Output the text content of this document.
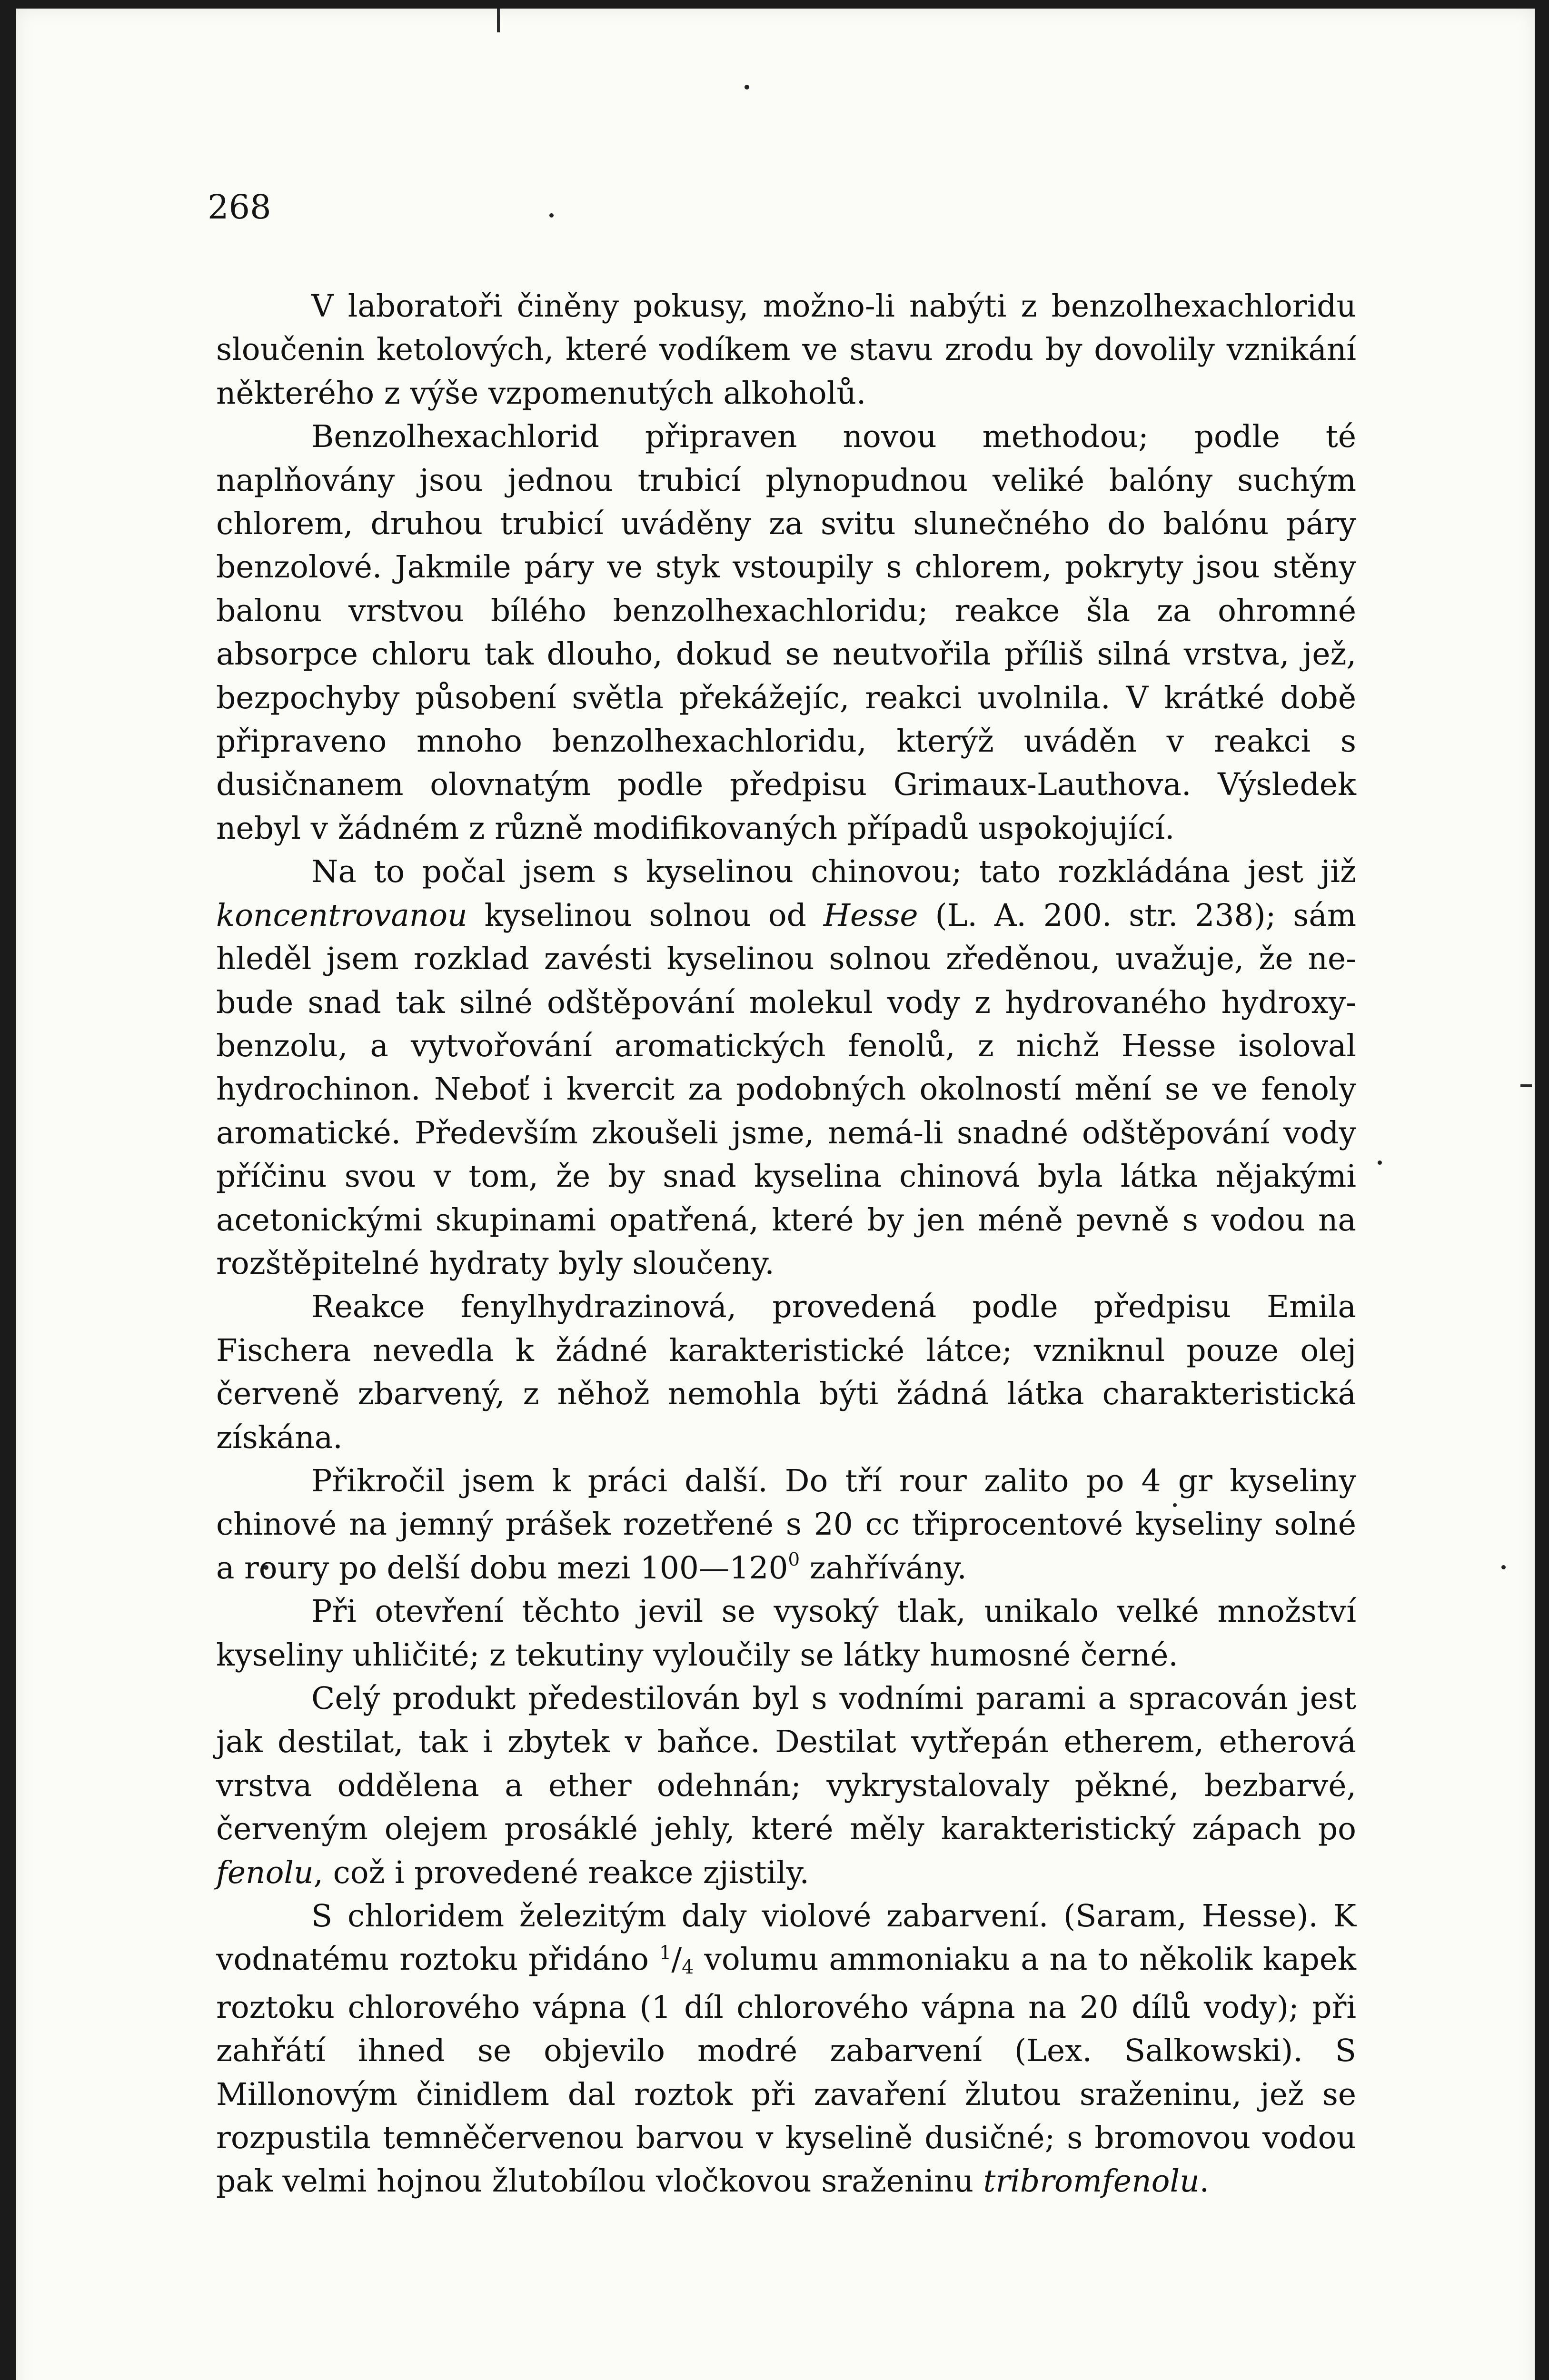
268

V laboratoři činěny pokusy, možno-li nabýti z benzolhexachloridu sloučenin ketolových, které vodíkem ve stavu zrodu by dovolily vznikání některého z výše vzpomenutých alkoholů.

Benzolhexachlorid připraven novou methodou; podle té naplňovány jsou jednou trubicí plynopudnou veliké balóny suchým chlorem, druhou trubicí uváděny za svitu slunečného do balónu páry benzolové. Jakmile páry ve styk vstoupily s chlorem, pokryty jsou stěny balonu vrstvou bílého benzolhexachloridu; reakce šla za ohromné absorpce chloru tak dlouho, dokud se neutvořila příliš silná vrstva, jež, bezpochyby působení světla překážejíc, reakci uvolnila. V krátké době připraveno mnoho benzolhexachloridu, kterýž uváděn v reakci s dusičnanem olovnatým podle předpisu Grimaux-Lauthova. Výsledek nebyl v žádném z různě modifikovaných případů uspokojující.

Na to počal jsem s kyselinou chinovou; tato rozkládána jest již koncentrovanou kyselinou solnou od Hesse (L. A. 200. str. 238); sám hleděl jsem rozklad zavésti kyselinou solnou zředěnou, uvažuje, že nebude snad tak silné odštěpování molekul vody z hydrovaného hydroxybenzolu, a vytvořování aromatických fenolů, z nichž Hesse isoloval hydrochinon. Neboť i kvercit za podobných okolností mění se ve fenoly aromatické. Především zkoušeli jsme, nemá-li snadné odštěpování vody příčinu svou v tom, že by snad kyselina chinová byla látka nějakými acetonickými skupinami opatřená, které by jen méně pevně s vodou na rozštěpitelné hydraty byly sloučeny.

Reakce fenylhydrazinová, provedená podle předpisu Emila Fischera nevedla k žádné karakteristické látce; vzniknul pouze olej červeně zbarvený, z něhož nemohla býti žádná látka charakteristická získána.

Přikročil jsem k práci další. Do tří rour zalito po 4 gr kyseliny chinové na jemný prášek rozetřené s 20 cc třiprocentové kyseliny solné a roury po delší dobu mezi $100—120^0$ zahřívány.

Při otevření těchto jevil se vysoký tlak, unikalo velké množství kyseliny uhličité; z tekutiny vyloučily se látky humosné černé.

Celý produkt předestilován byl s vodními parami a spracován jest jak destilat, tak i zbytek v baňce. Destilat vytřepán etherem, etherová vrstva oddělena a ether odehnán; vykrystalovaly pěkné, bezbarvé, červeným olejem prosáklé jehly, které měly karakteristický zápach po fenolu, což i provedené reakce zjistily.

S chloridem železitým daly violové zabarvení. (Saram, Hesse). K vodnatému roztoku přidáno $^1$/4 volumu ammoniaku a na to několik kapek roztoku chlorového vápna (1 díl chlorového vápna na 20 dílů vody); při zahřátí ihned se objevilo modré zabarvení (Lex. Salkowski). S Millonovým činidlem dal roztok při zavaření žlutou sraženinu, jež se rozpustila temněčervenou barvou v kyselině dusičné; s bromovou vodou pak velmi hojnou žlutobílou vločkovou sraženinu tribromfenolu.
